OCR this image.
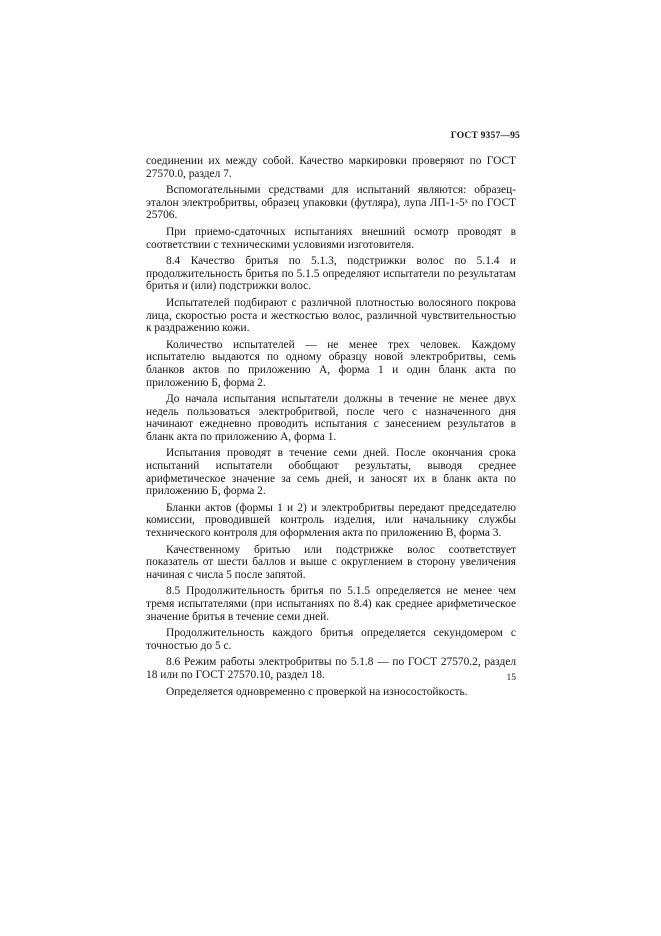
ГОСТ 9357—95

соединении их между собой. Качество маркировки проверяют по ГОСТ 27570.0, раздел 7.

Вспомогательными средствами для испытаний являются: образец-эталон электробритвы, образец упаковки (футляра), лупа ЛП-1-5ˣ по ГОСТ 25706.

При приемо-сдаточных испытаниях внешний осмотр проводят в соответствии с техническими условиями изготовителя.

8.4 Качество бритья по 5.1.3, подстрижки волос по 5.1.4 и продолжительность бритья по 5.1.5 определяют испытатели по результатам бритья и (или) подстрижки волос.

Испытателей подбирают с различной плотностью волосяного покрова лица, скоростью роста и жесткостью волос, различной чувствительностью к раздражению кожи.

Количество испытателей — не менее трех человек. Каждому испытателю выдаются по одному образцу новой электробритвы, семь бланков актов по приложению А, форма 1 и один бланк акта по приложению Б, форма 2.

До начала испытания испытатели должны в течение не менее двух недель пользоваться электробритвой, после чего с назначенного дня начинают ежедневно проводить испытания с занесением результатов в бланк акта по приложению А, форма 1.

Испытания проводят в течение семи дней. После окончания срока испытаний испытатели обобщают результаты, выводя среднее арифметическое значение за семь дней, и заносят их в бланк акта по приложению Б, форма 2.

Бланки актов (формы 1 и 2) и электробритвы передают председателю комиссии, проводившей контроль изделия, или начальнику службы технического контроля для оформления акта по приложению В, форма 3.

Качественному бритью или подстрижке волос соответствует показатель от шести баллов и выше с округлением в сторону увеличения начиная с числа 5 после запятой.

8.5 Продолжительность бритья по 5.1.5 определяется не менее чем тремя испытателями (при испытаниях по 8.4) как среднее арифметическое значение бритья в течение семи дней.

Продолжительность каждого бритья определяется секундомером с точностью до 5 с.

8.6 Режим работы электробритвы по 5.1.8 — по ГОСТ 27570.2, раздел 18 или по ГОСТ 27570.10, раздел 18.

Определяется одновременно с проверкой на износостойкость.

15
